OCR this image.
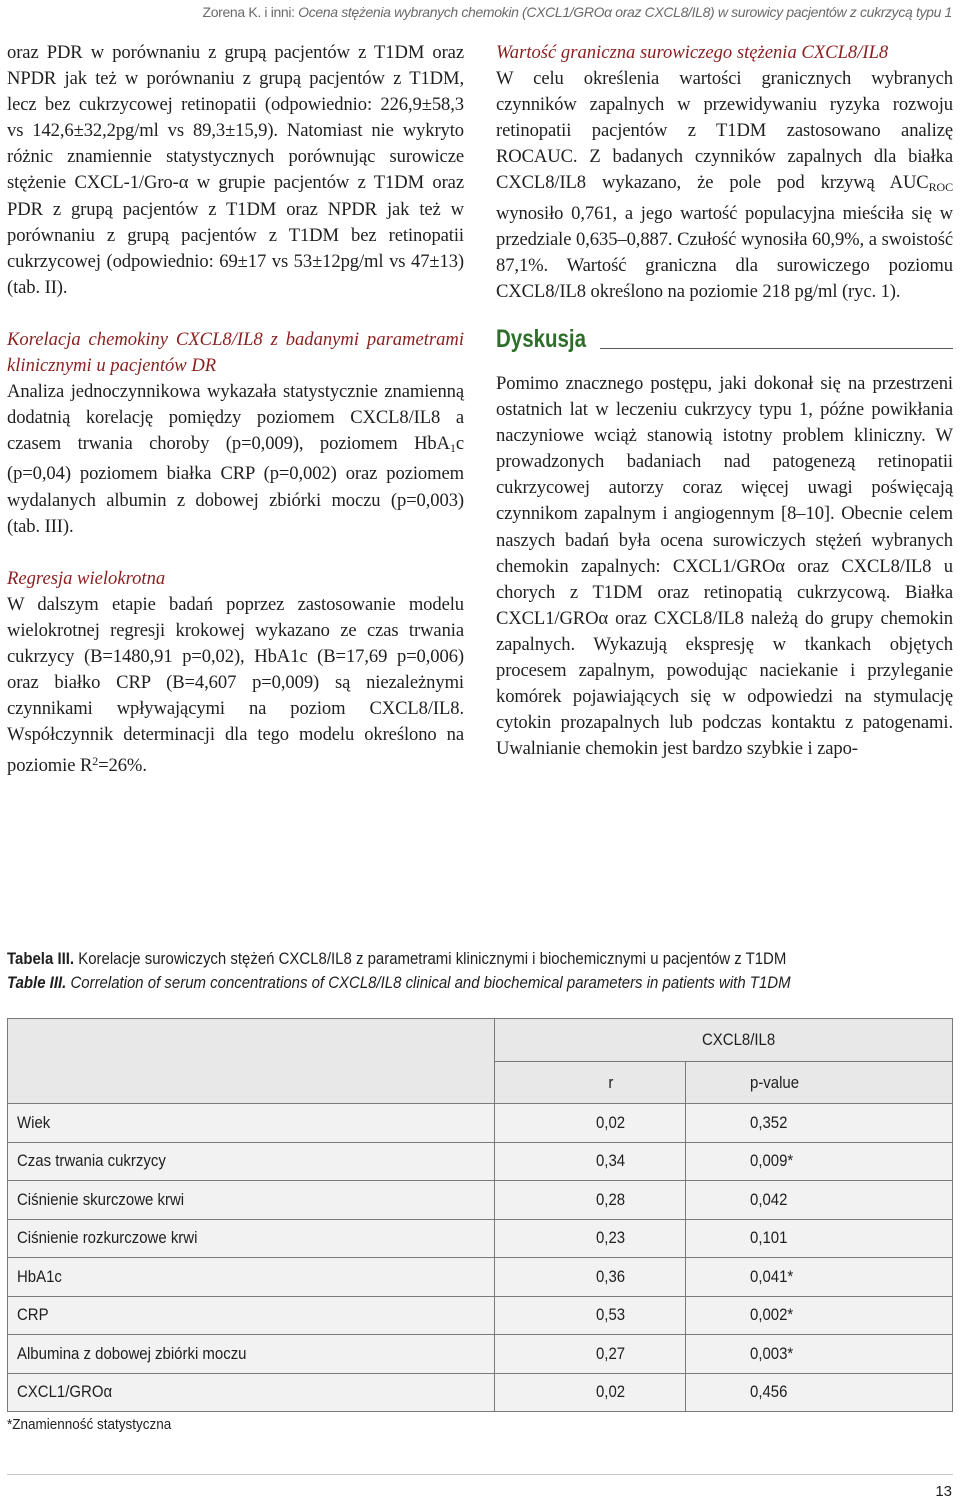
Zorena K. i inni: Ocena stężenia wybranych chemokin (CXCL1/GROα oraz CXCL8/IL8) w surowicy pacjentów z cukrzycą typu 1

oraz PDR w porównaniu z grupą pacjentów z T1DM oraz NPDR jak też w porównaniu z grupą pacjentów z T1DM, lecz bez cukrzycowej retinopatii (odpowiednio: 226,9±58,3 vs 142,6±32,2pg/ml vs 89,3±15,9). Natomiast nie wykryto różnic znamiennie statystycznych porównując surowicze stężenie CXCL-1/Gro-α w grupie pacjentów z T1DM oraz PDR z grupą pacjentów z T1DM oraz NPDR jak też w porównaniu z grupą pacjentów z T1DM bez retinopatii cukrzycowej (odpowiednio: 69±17 vs 53±12pg/ml vs 47±13) (tab. II).

Korelacja chemokiny CXCL8/IL8 z badanymi parametrami klinicznymi u pacjentów DR

Analiza jednoczynnikowa wykazała statystycznie znamienną dodatnią korelację pomiędzy poziomem CXCL8/IL8 a czasem trwania choroby (p=0,009), poziomem HbA$_1$c (p=0,04) poziomem białka CRP (p=0,002) oraz poziomem wydalanych albumin z dobowej zbiórki moczu (p=0,003) (tab. III).

Regresja wielokrotna

W dalszym etapie badań poprzez zastosowanie modelu wielokrotnej regresji krokowej wykazano ze czas trwania cukrzycy (B=1480,91 p=0,02), HbA1c (B=17,69 p=0,006) oraz białko CRP (B=4,607 p=0,009) są niezależnymi czynnikami wpływającymi na poziom CXCL8/IL8. Współczynnik determinacji dla tego modelu określono na poziomie $R^2=26\%$.

Wartość graniczna surowiczego stężenia CXCL8/IL8

W celu określenia wartości granicznych wybranych czynników zapalnych w przewidywaniu ryzyka rozwoju retinopatii pacjentów z T1DM zastosowano analizę ROCAUC. Z badanych czynników zapalnych dla białka CXCL8/IL8 wykazano, że pole pod krzywą $AUC_{ROC}$ wynosiło 0,761, a jego wartość populacyjna mieściła się w przedziale 0,635–0,887. Czułość wynosiła 60,9%, a swoistość 87,1%. Wartość graniczna dla surowiczego poziomu CXCL8/IL8 określono na poziomie 218 pg/ml (ryc. 1).

Dyskusja

Pomimo znacznego postępu, jaki dokonał się na przestrzeni ostatnich lat w leczeniu cukrzycy typu 1, późne powikłania naczyniowe wciąż stanowią istotny problem kliniczny. W prowadzonych badaniach nad patogenezą retinopatii cukrzycowej autorzy coraz więcej uwagi poświęcają czynnikom zapalnym i angiogennym [8–10]. Obecnie celem naszych badań była ocena surowiczych stężeń wybranych chemokin zapalnych: CXCL1/GROα oraz CXCL8/IL8 u chorych z T1DM oraz retinopatią cukrzycową. Białka CXCL1/GROα oraz CXCL8/IL8 należą do grupy chemokin zapalnych. Wykazują ekspresję w tkankach objętych procesem zapalnym, powodując naciekanie i przyleganie komórek pojawiających się w odpowiedzi na stymulację cytokin prozapalnych lub podczas kontaktu z patogenami. Uwalnianie chemokin jest bardzo szybkie i zapo-

Tabela III. Korelacje surowiczych stężeń CXCL8/IL8 z parametrami klinicznymi i biochemicznymi u pacjentów z T1DM
Table III. Correlation of serum concentrations of CXCL8/IL8 clinical and biochemical parameters in patients with T1DM
	CXCL8/IL8	
	r	p-value
Wiek	0,02	0,352
Czas trwania cukrzycy	0,34	0,009*
Ciśnienie skurczowe krwi	0,28	0,042
Ciśnienie rozkurczowe krwi	0,23	0,101
HbA1c	0,36	0,041*
CRP	0,53	0,002*
Albumina z dobowej zbiórki moczu	0,27	0,003*
CXCL1/GROα	0,02	0,456
*Znamienność statystyczna
13
